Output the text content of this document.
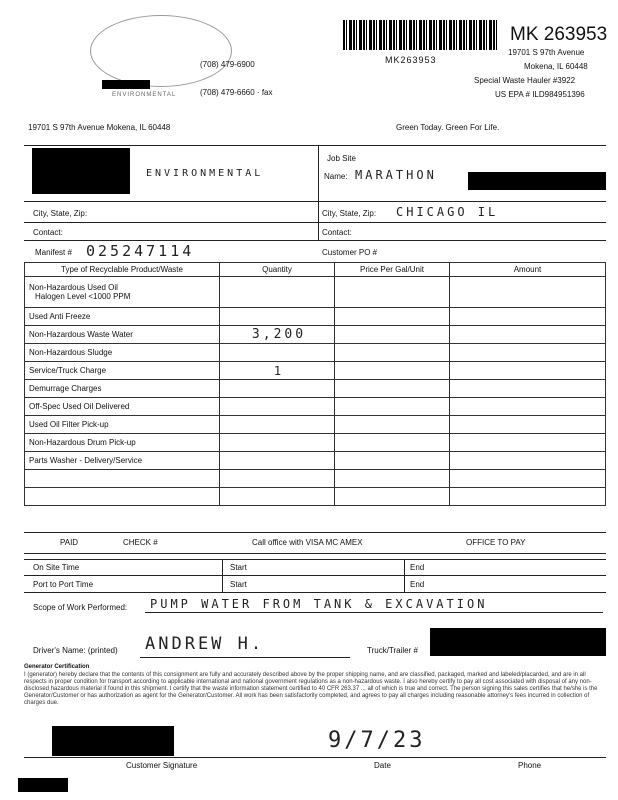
ENVIRONMENTAL
(708) 479-6900
(708) 479-6660 · fax
MK263953
MK 263953
19701 S 97th Avenue
Mokena, IL 60448
Special Waste Hauler #3922
US EPA # ILD984951396
19701 S 97th Avenue Mokena, IL 60448	Green Today. Green For Life.
ENVIRONMENTAL
Job Site
Name: MARATHON
City, State, Zip:	City, State, Zip: CHICAGO IL
Contact:	Contact:
Manifest # 025247114	Customer PO #
Type of Recyclable Product/Waste	Quantity	Price Per Gal/Unit	Amount

Non-Hazardous Used Oil
Halogen Level <1000 PPM			

Used Anti Freeze			
Non-Hazardous Waste Water	3,200		
Non-Hazardous Sludge			
Service/Truck Charge	1		
Demurrage Charges			
Off-Spec Used Oil Delivered			
Used Oil Filter Pick-up			
Non-Hazardous Drum Pick-up			
Parts Washer - Delivery/Service			

PAID	CHECK #	Call office with VISA MC AMEX	OFFICE TO PAY
On Site Time	Start	End
Port to Port Time	Start	End
Scope of Work Performed: PUMP WATER FROM TANK & EXCAVATION
Driver's Name: (printed) ANDREW H.	Truck/Trailer #
Generator Certification
I (generator) hereby declare that the contents of this consignment are fully and accurately described above by the proper shipping name, and are classified, packaged, marked and labeled/placarded, and are in all respects in proper condition for transport according to applicable international and national government regulations as a non-hazardous waste. I also hereby certify to pay all cost associated with disposal of any non-disclosed hazardous material if found in this shipment. I certify that the waste information statement certified to 40 CFR 263.37 ... all of which is true and correct. The person signing this sales certifies that he/she is the Generator/Customer or has authorization as agent for the Generator/Customer. All work has been satisfactorily completed, and agrees to pay all charges including reasonable attorney's fees incurred in collection of charges due.
9/7/23
Customer Signature	Date	Phone
